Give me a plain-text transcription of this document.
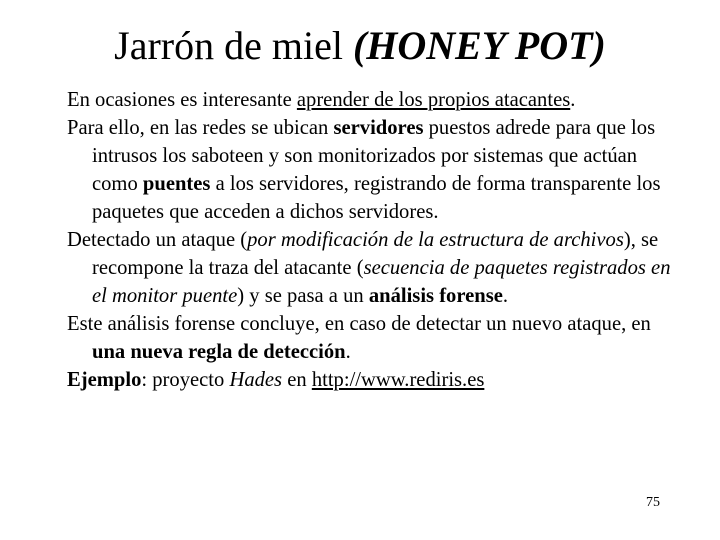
Jarrón de miel (HONEY POT)

En ocasiones es interesante aprender de los propios atacantes.

Para ello, en las redes se ubican servidores puestos adrede para que los intrusos los saboteen y son monitorizados por sistemas que actúan como puentes a los servidores, registrando de forma transparente los paquetes que acceden a dichos servidores.

Detectado un ataque (por modificación de la estructura de archivos), se recompone la traza del atacante (secuencia de paquetes registrados en el monitor puente) y se pasa a un análisis forense.

Este análisis forense concluye, en caso de detectar un nuevo ataque, en una nueva regla de detección.

Ejemplo: proyecto Hades en http://www.rediris.es

75
